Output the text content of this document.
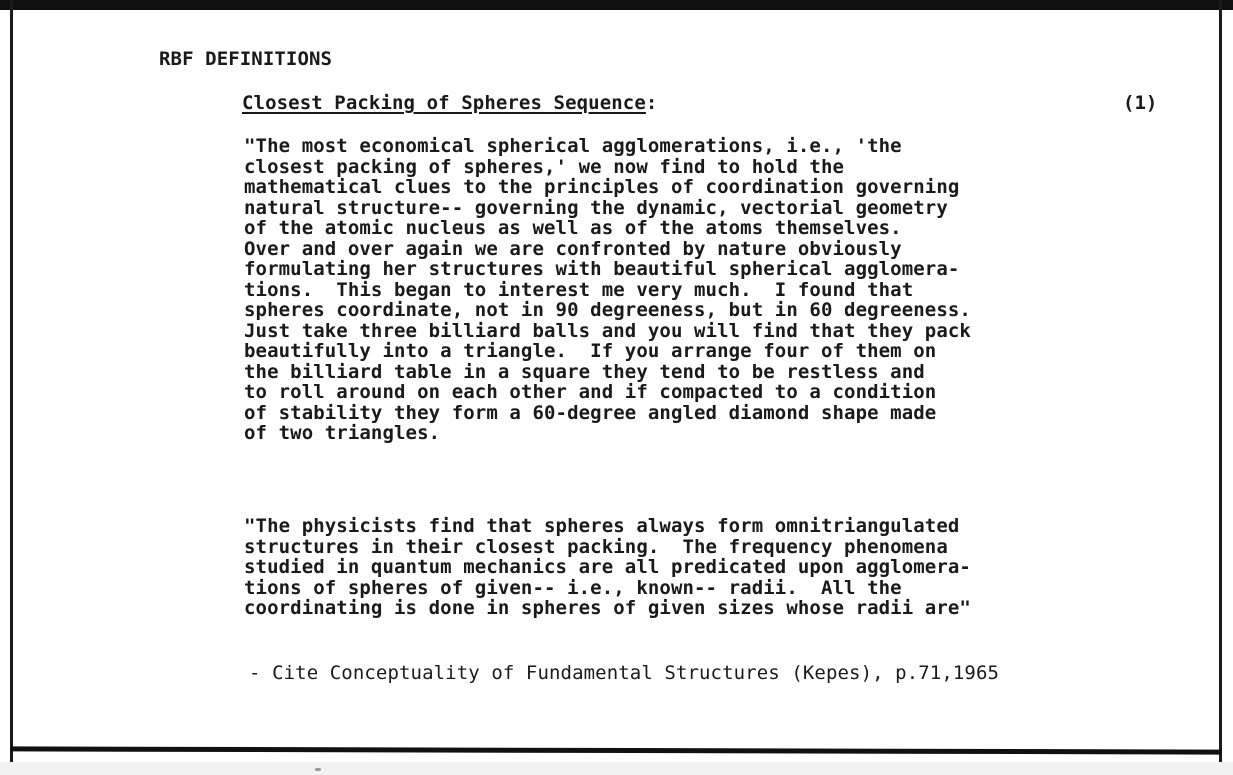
RBF DEFINITIONS
Closest Packing of Spheres Sequence:	(1)
"The most economical spherical agglomerations, i.e., 'the
closest packing of spheres,' we now find to hold the
mathematical clues to the principles of coordination governing
natural structure-- governing the dynamic, vectorial geometry
of the atomic nucleus as well as of the atoms themselves.
Over and over again we are confronted by nature obviously
formulating her structures with beautiful spherical agglomera-
tions.  This began to interest me very much.  I found that
spheres coordinate, not in 90 degreeness, but in 60 degreeness.
Just take three billiard balls and you will find that they pack
beautifully into a triangle.  If you arrange four of them on
the billiard table in a square they tend to be restless and
to roll around on each other and if compacted to a condition
of stability they form a 60-degree angled diamond shape made
of two triangles.
"The physicists find that spheres always form omnitriangulated
structures in their closest packing.  The frequency phenomena
studied in quantum mechanics are all predicated upon agglomera-
tions of spheres of given-- i.e., known-- radii.  All the
coordinating is done in spheres of given sizes whose radii are"
- Cite Conceptuality of Fundamental Structures (Kepes), p.71,1965
